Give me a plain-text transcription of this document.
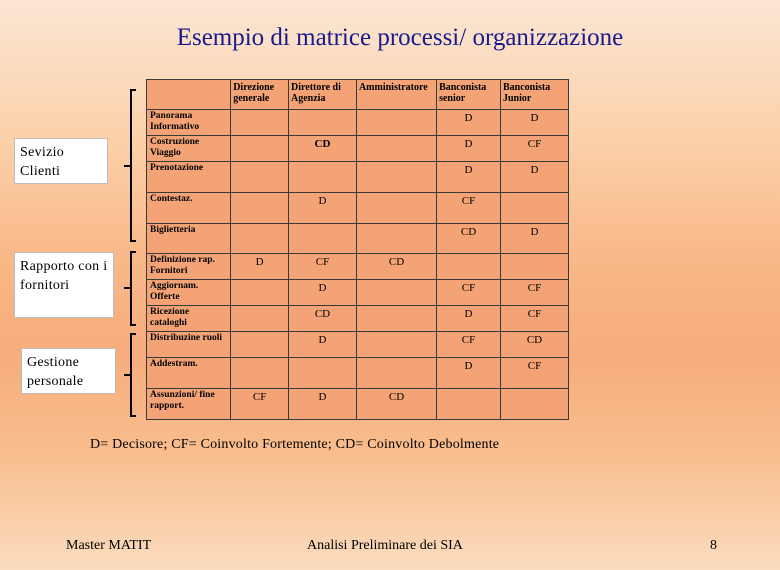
Esempio di matrice processi/ organizzazione
Sevizio Clienti
Rapporto con i fornitori
Gestione personale
	Direzione generale	Direttore di Agenzia	Amministratore	Banconista senior	Banconista Junior
Panorama Informativo				D	D
Costruzione Viaggio		CD		D	CF
Prenotazione				D	D
Contestaz.		D		CF	
Biglietteria				CD	D
Definizione rap. Fornitori	D	CF	CD		
Aggiornam. Offerte		D		CF	CF
Ricezione cataloghi		CD		D	CF
Distribuzine ruoli		D		CF	CD
Addestram.				D	CF
Assunzioni/ fine rapport.	CF	D	CD		
D= Decisore; CF= Coinvolto Fortemente; CD= Coinvolto Debolmente
Master MATIT	Analisi Preliminare dei SIA	8
